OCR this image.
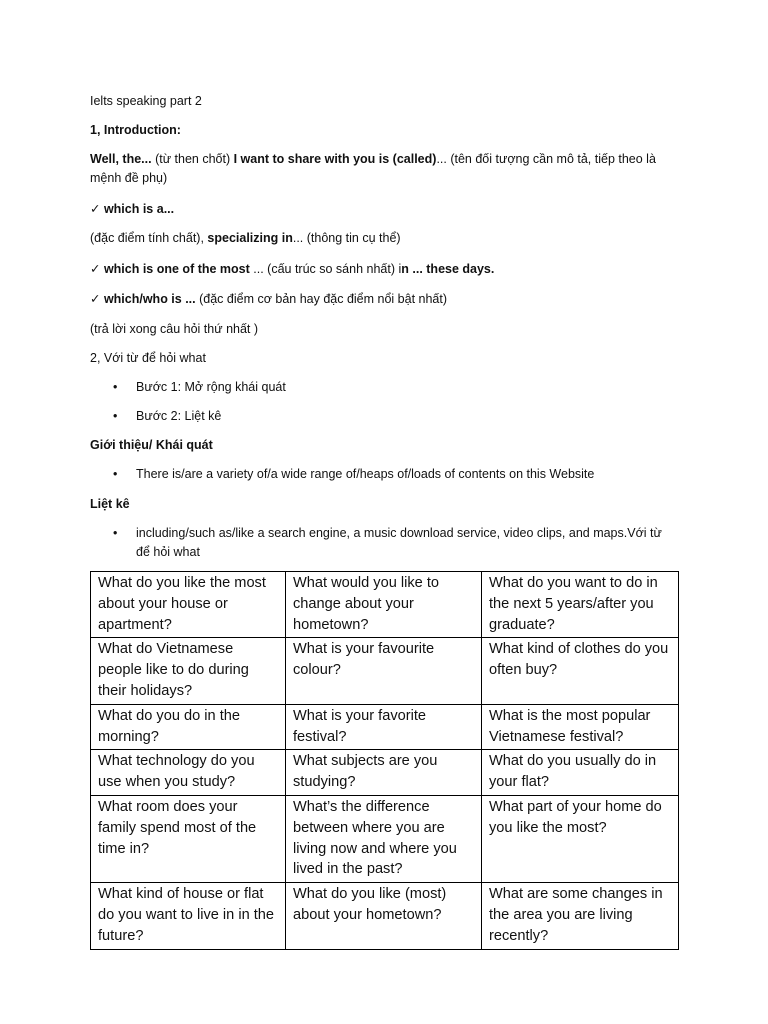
Ielts speaking part 2

1, Introduction:

Well, the... (từ then chốt) I want to share with you is (called)... (tên đối tượng cần mô tả, tiếp theo là mệnh đề phụ)

✓ which is a...

(đặc điểm tính chất), specializing in... (thông tin cụ thể)

✓ which is one of the most ... (cấu trúc so sánh nhất) in ... these days.

✓ which/who is ... (đặc điểm cơ bản hay đặc điểm nổi bật nhất)

(trả lời xong câu hỏi thứ nhất )

2, Với từ để hỏi what

• Bước 1: Mở rộng khái quát

• Bước 2: Liệt kê

Giới thiệu/ Khái quát

• There is/are a variety of/a wide range of/heaps of/loads of contents on this Website

Liệt kê

• including/such as/like a search engine, a music download service, video clips, and maps.Với từ để hỏi what

What do you like the most about your house or apartment?	What would you like to change about your hometown?	What do you want to do in the next 5 years/after you graduate?
What do Vietnamese people like to do during their holidays?	What is your favourite colour?	What kind of clothes do you often buy?
What do you do in the morning?	What is your favorite festival?	What is the most popular Vietnamese festival?
What technology do you use when you study?	What subjects are you studying?	What do you usually do in your flat?
What room does your family spend most of the time in?	What’s the difference between where you are living now and where you lived in the past?	What part of your home do you like the most?
What kind of house or flat do you want to live in in the future?	What do you like (most) about your hometown?	What are some changes in the area you are living recently?
